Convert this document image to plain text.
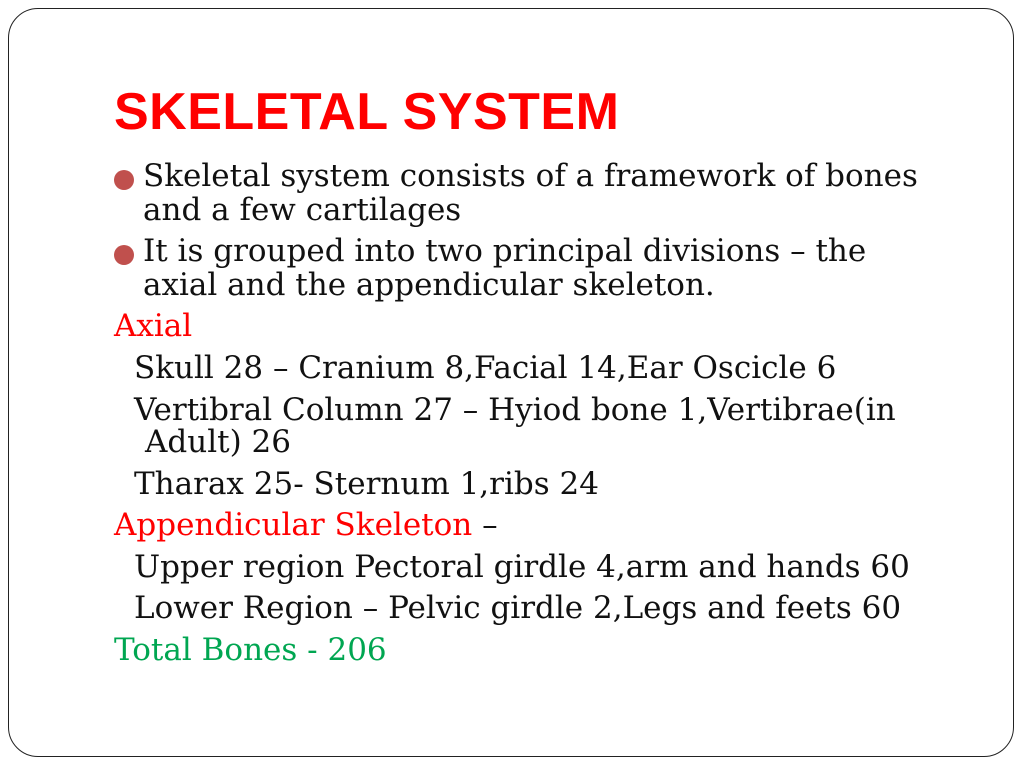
SKELETAL SYSTEM

Skeletal system consists of a framework of bones

and a few cartilages

It is grouped into two principal divisions – the

axial and the appendicular skeleton.

Axial

Skull 28 – Cranium 8,Facial 14,Ear Oscicle 6

Vertibral Column 27 – Hyiod bone 1,Vertibrae(in

Adult) 26

Tharax 25- Sternum 1,ribs 24

Appendicular Skeleton –

Upper region Pectoral girdle 4,arm and hands 60

Lower Region – Pelvic girdle 2,Legs and feets 60

Total Bones - 206
